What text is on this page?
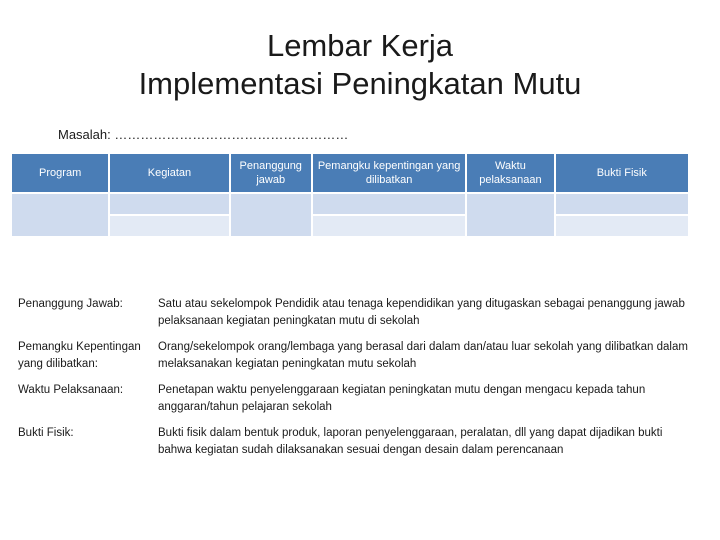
Lembar Kerja
Implementasi Peningkatan Mutu
Masalah: ………………………………………………
Program	Kegiatan	Penanggung jawab	Pemangku kepentingan yang dilibatkan	Waktu pelaksanaan	Bukti Fisik

Penanggung Jawab:	Satu atau sekelompok Pendidik atau tenaga kependidikan yang ditugaskan sebagai penanggung jawab pelaksanaan kegiatan peningkatan mutu di sekolah
Pemangku Kepentingan yang dilibatkan:
Orang/sekelompok orang/lembaga yang berasal dari dalam dan/atau luar sekolah yang dilibatkan dalam melaksanakan kegiatan peningkatan mutu sekolah
Waktu Pelaksanaan:	Penetapan waktu penyelenggaraan kegiatan peningkatan mutu dengan mengacu kepada tahun anggaran/tahun pelajaran sekolah
Bukti Fisik:	Bukti fisik dalam bentuk produk, laporan penyelenggaraan, peralatan, dll yang dapat dijadikan bukti bahwa kegiatan sudah dilaksanakan sesuai dengan desain dalam perencanaan
